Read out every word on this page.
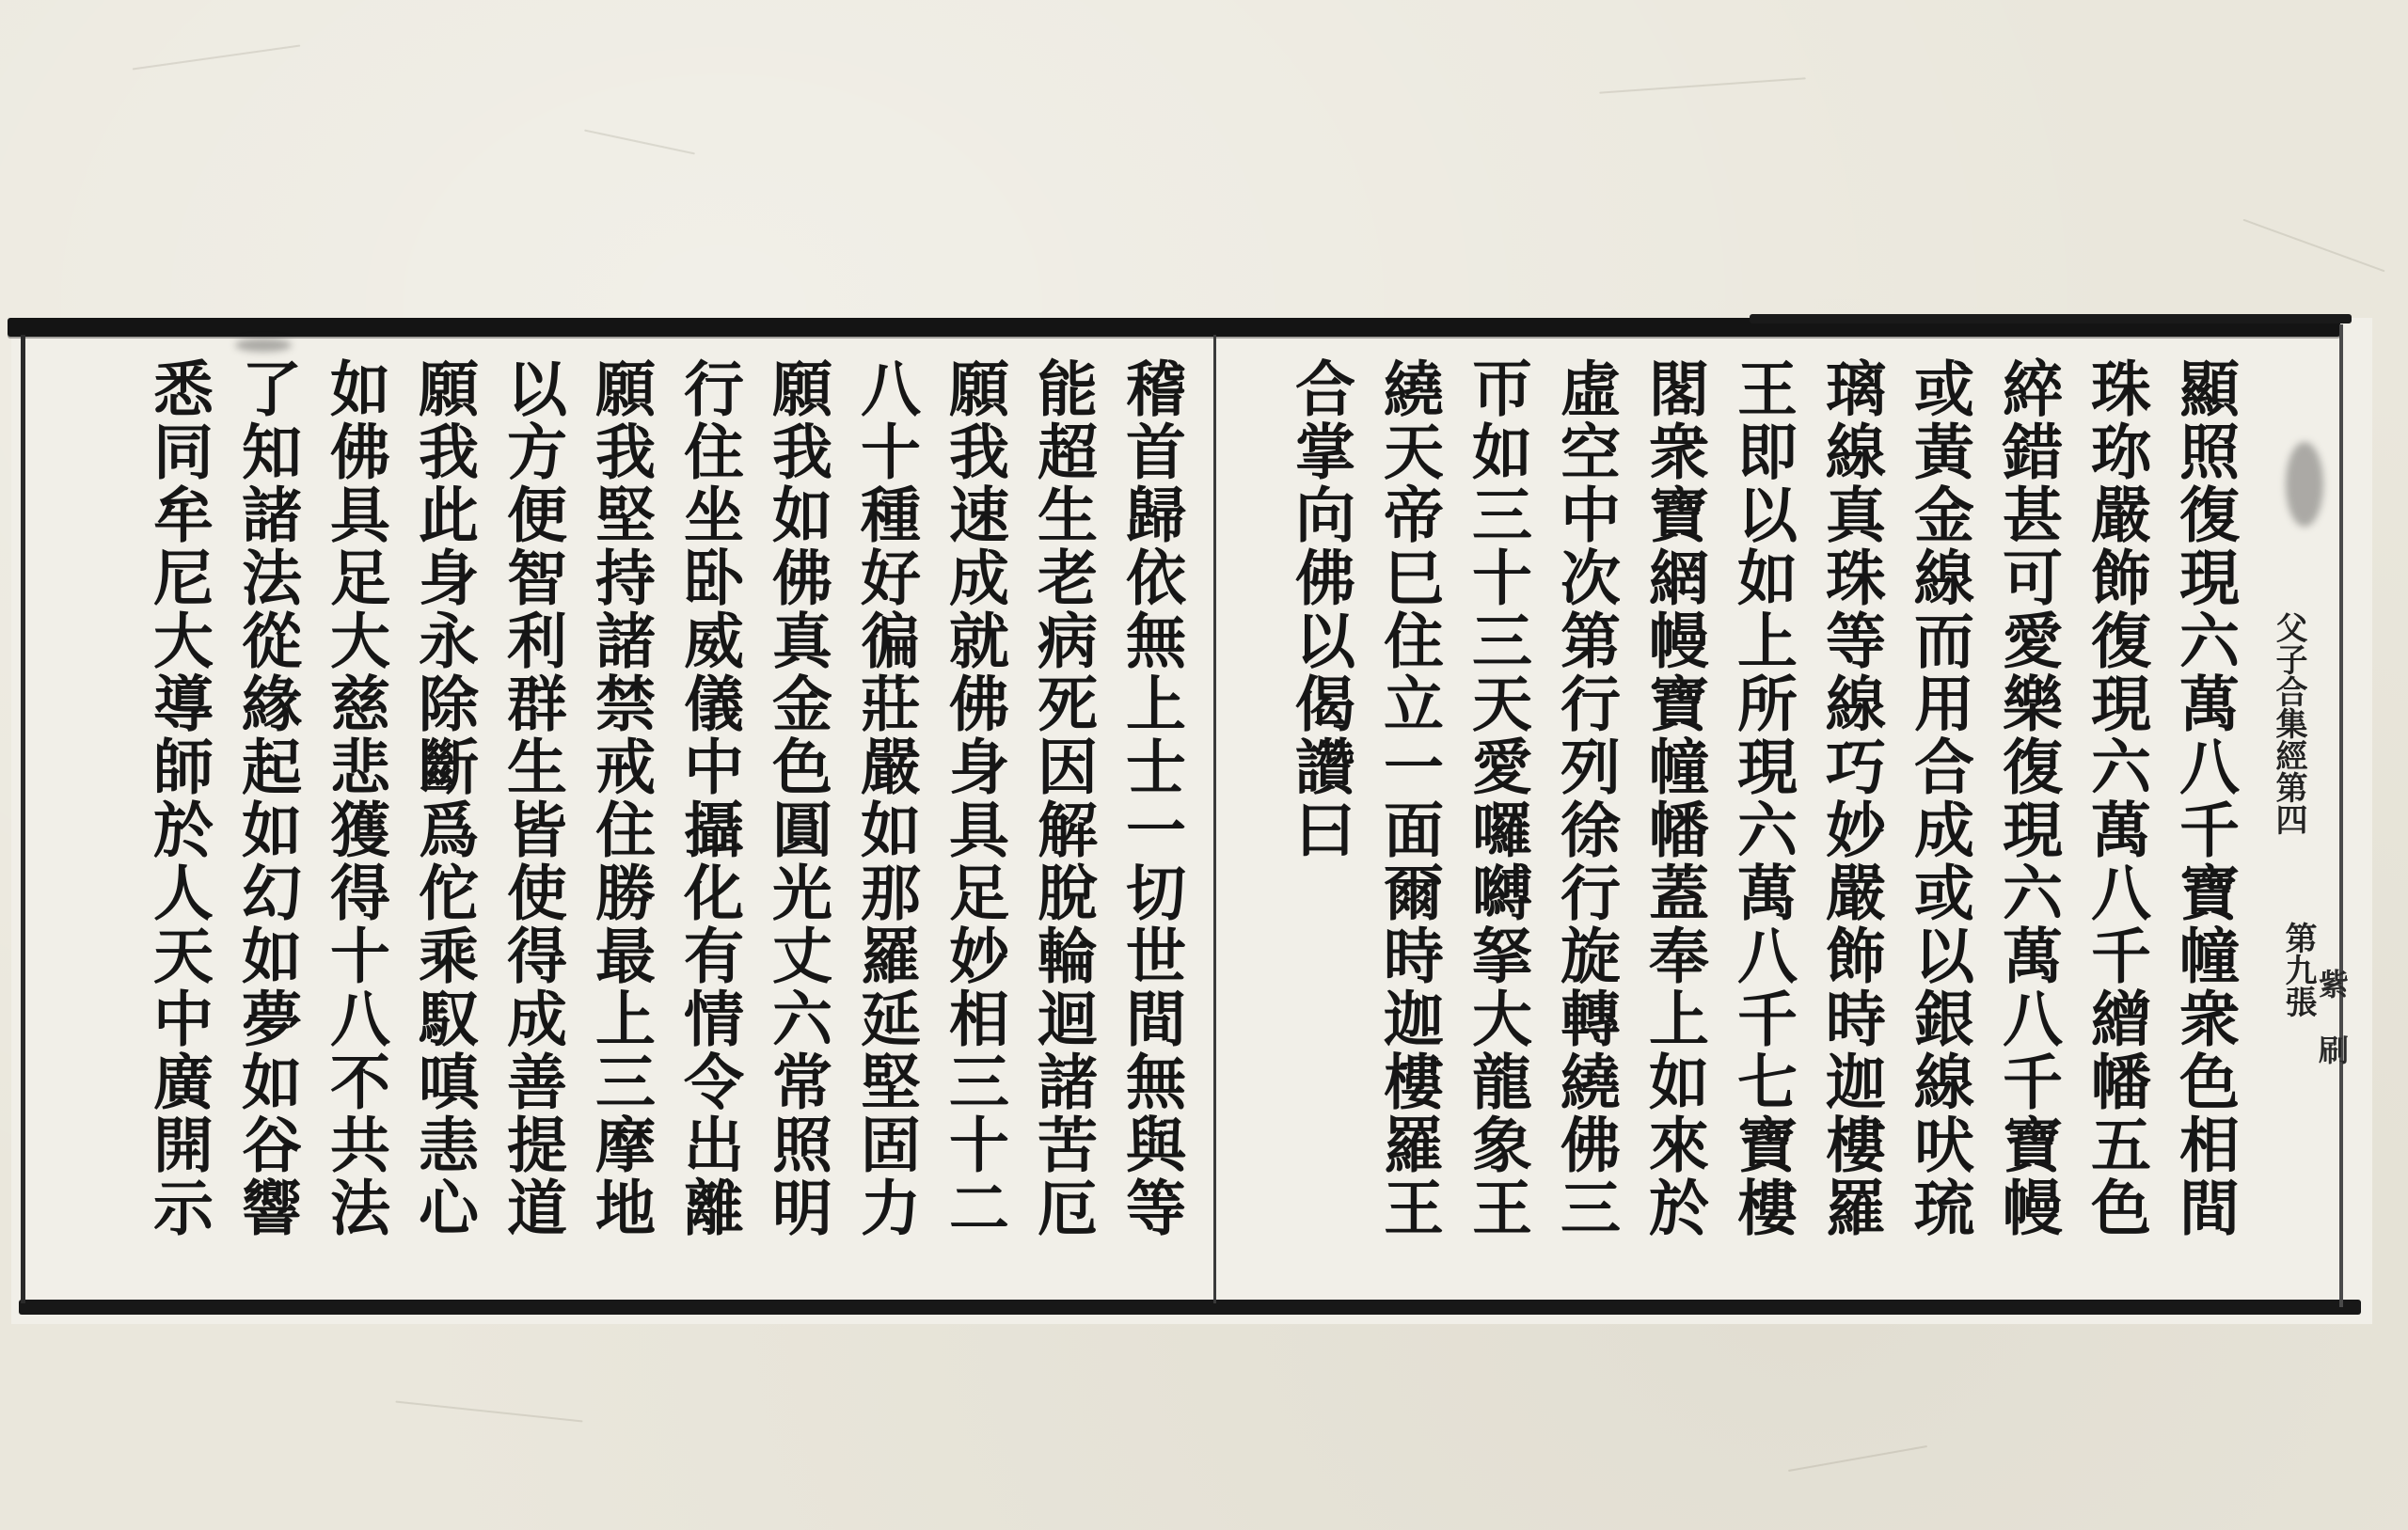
顯照復現六萬八千寶幢衆色相間
珠珎嚴飾復現六萬八千繒幡五色
綷錯甚可愛樂復現六萬八千寶幔
或黃金線而用合成或以銀線吠琉
璃線真珠等線巧妙嚴飾時迦樓羅
王即以如上所現六萬八千七寶樓
閣衆寶網幔寶幢幡蓋奉上如來於
虛空中次第行列徐行旋轉繞佛三
帀如三十三天愛囉嚩拏大龍象王
繞天帝巳住立一面爾時迦樓羅王
合掌向佛以偈讚曰
稽首歸依無上士一切世間無與等
能超生老病死因解脫輪迴諸苦厄
願我速成就佛身具足妙相三十二
八十種好徧莊嚴如那羅延堅固力
願我如佛真金色圓光丈六常照明
行住坐卧威儀中攝化有情令出離
願我堅持諸禁戒住勝最上三摩地
以方便智利群生皆使得成善提道
願我此身永除斷爲佗乘馭嗔恚心
如佛具足大慈悲獲得十八不共法
了知諸法從緣起如幻如夢如谷響
悉同牟尼大導師於人天中廣開示	父子合集經第四
第九張
紫 刷
